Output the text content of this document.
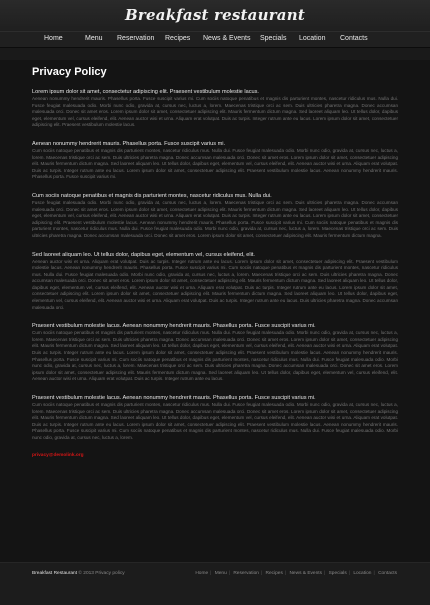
Breakfast restaurant
Home	Menu Reservation Recipes News & Events Specials Location Contacts
Privacy Policy
Lorem ipsum dolor sit amet, consectetur adipiscing elit. Praesent vestibulum molestie lacus.
Aenean nonummy hendrerit mauris. Phasellus porta. Fusce suscipit varius mi. Cum sociis natoque penatibus et magnis dis parturient montes, nascetur ridiculus mus. Nulla dui. Fusce feugiat malesuada odio. Morbi nunc odio, gravida at, cursus nec, luctus a, lorem. Maecenas tristique orci ac sem. Duis ultricies pharetra magna. Donec accumsan malesuada orci. Donec sit amet eros. Lorem ipsum dolor sit amet, consectetuer adipiscing elit. Mauris fermentum dictum magna. Sed laoreet aliquam leo. Ut tellus dolor, dapibus eget, elementum vel, cursus eleifend, elit. Aenean auctor wisi et urna. Aliquam erat volutpat. Duis ac turpis. Integer rutrum ante eu lacus. Lorem ipsum dolor sit amet, consectetuer adipiscing elit. Praesent vestibulum molestie lacus.
Aenean nonummy hendrerit mauris. Phasellus porta. Fusce suscipit varius mi.
Cum sociis natoque penatibus et magnis dis parturient montes, nascetur ridiculus mus. Nulla dui. Fusce feugiat malesuada odio. Morbi nunc odio, gravida at, cursus nec, luctus a, lorem. Maecenas tristique orci ac sem. Duis ultricies pharetra magna. Donec accumsan malesuada orci. Donec sit amet eros. Lorem ipsum dolor sit amet, consectetuer adipiscing elit. Mauris fermentum dictum magna. Sed laoreet aliquam leo. Ut tellus dolor, dapibus eget, elementum vel, cursus eleifend, elit. Aenean auctor wisi et urna. Aliquam erat volutpat. Duis ac turpis. Integer rutrum ante eu lacus. Lorem ipsum dolor sit amet, consectetuer adipiscing elit. Praesent vestibulum molestie lacus. Aenean nonummy hendrerit mauris. Phasellus porta. Fusce suscipit varius mi.
Cum sociis natoque penatibus et magnis dis parturient montes, nascetur ridiculus mus. Nulla dui.
Fusce feugiat malesuada odio. Morbi nunc odio, gravida at, cursus nec, luctus a, lorem. Maecenas tristique orci ac sem. Duis ultricies pharetra magna. Donec accumsan malesuada orci. Donec sit amet eros. Lorem ipsum dolor sit amet, consectetuer adipiscing elit. Mauris fermentum dictum magna. Sed laoreet aliquam leo. Ut tellus dolor, dapibus eget, elementum vel, cursus eleifend, elit. Aenean auctor wisi et urna. Aliquam erat volutpat. Duis ac turpis. Integer rutrum ante eu lacus. Lorem ipsum dolor sit amet, consectetuer adipiscing elit. Praesent vestibulum molestie lacus. Aenean nonummy hendrerit mauris. Phasellus porta. Fusce suscipit varius mi. Cum sociis natoque penatibus et magnis dis parturient montes, nascetur ridiculus mus. Nulla dui. Fusce feugiat malesuada odio. Morbi nunc odio, gravida at, cursus nec, luctus a, lorem. Maecenas tristique orci ac sem. Duis ultricies pharetra magna. Donec accumsan malesuada orci. Donec sit amet eros. Lorem ipsum dolor sit amet, consectetuer adipiscing elit. Mauris fermentum dictum magna.
Sed laoreet aliquam leo. Ut tellus dolor, dapibus eget, elementum vel, cursus eleifend, elit.
Aenean auctor wisi et urna. Aliquam erat volutpat. Duis ac turpis. Integer rutrum ante eu lacus. Lorem ipsum dolor sit amet, consectetuer adipiscing elit. Praesent vestibulum molestie lacus. Aenean nonummy hendrerit mauris. Phasellus porta. Fusce suscipit varius mi. Cum sociis natoque penatibus et magnis dis parturient montes, nascetur ridiculus mus. Nulla dui. Fusce feugiat malesuada odio. Morbi nunc odio, gravida at, cursus nec, luctus a, lorem. Maecenas tristique orci ac sem. Duis ultricies pharetra magna. Donec accumsan malesuada orci. Donec sit amet eros. Lorem ipsum dolor sit amet, consectetuer adipiscing elit. Mauris fermentum dictum magna. Sed laoreet aliquam leo. Ut tellus dolor, dapibus eget, elementum vel, cursus eleifend, elit. Aenean auctor wisi et urna. Aliquam erat volutpat. Duis ac turpis. Integer rutrum ante eu lacus. Lorem ipsum dolor sit amet, consectetuer adipiscing elit. Lorem ipsum dolor sit amet, consectetuer adipiscing elit. Mauris fermentum dictum magna. Sed laoreet aliquam leo. Ut tellus dolor, dapibus eget, elementum vel, cursus eleifend, elit. Aenean auctor wisi et urna. Aliquam erat volutpat. Duis ac turpis. Integer rutrum ante eu lacus. Duis ultricies pharetra magna. Donec accumsan malesuada orci.
Praesent vestibulum molestie lacus. Aenean nonummy hendrerit mauris. Phasellus porta. Fusce suscipit varius mi.
Cum sociis natoque penatibus et magnis dis parturient montes, nascetur ridiculus mus. Nulla dui. Fusce feugiat malesuada odio. Morbi nunc odio, gravida at, cursus nec, luctus a, lorem. Maecenas tristique orci ac sem. Duis ultricies pharetra magna. Donec accumsan malesuada orci. Donec sit amet eros. Lorem ipsum dolor sit amet, consectetuer adipiscing elit. Mauris fermentum dictum magna. Sed laoreet aliquam leo. Ut tellus dolor, dapibus eget, elementum vel, cursus eleifend, elit. Aenean auctor wisi et urna. Aliquam erat volutpat. Duis ac turpis. Integer rutrum ante eu lacus. Lorem ipsum dolor sit amet, consectetuer adipiscing elit. Praesent vestibulum molestie lacus. Aenean nonummy hendrerit mauris. Phasellus porta. Fusce suscipit varius mi. Cum sociis natoque penatibus et magnis dis parturient montes, nascetur ridiculus mus. Nulla dui. Fusce feugiat malesuada odio. Morbi nunc odio, gravida at, cursus nec, luctus a, lorem. Maecenas tristique orci ac sem. Duis ultricies pharetra magna. Donec accumsan malesuada orci. Donec sit amet eros. Lorem ipsum dolor sit amet, consectetuer adipiscing elit. Mauris fermentum dictum magna. Sed laoreet aliquam leo. Ut tellus dolor, dapibus eget, elementum vel, cursus eleifend, elit. Aenean auctor wisi et urna. Aliquam erat volutpat. Duis ac turpis. Integer rutrum ante eu lacus.
Praesent vestibulum molestie lacus. Aenean nonummy hendrerit mauris. Phasellus porta. Fusce suscipit varius mi.
Cum sociis natoque penatibus et magnis dis parturient montes, nascetur ridiculus mus. Nulla dui. Fusce feugiat malesuada odio. Morbi nunc odio, gravida at, cursus nec, luctus a, lorem. Maecenas tristique orci ac sem. Duis ultricies pharetra magna. Donec accumsan malesuada orci. Donec sit amet eros. Lorem ipsum dolor sit amet, consectetuer adipiscing elit. Mauris fermentum dictum magna. Sed laoreet aliquam leo. Ut tellus dolor, dapibus eget, elementum vel, cursus eleifend, elit. Aenean auctor wisi et urna. Aliquam erat volutpat. Duis ac turpis. Integer rutrum ante eu lacus. Lorem ipsum dolor sit amet, consectetuer adipiscing elit. Praesent vestibulum molestie lacus. Aenean nonummy hendrerit mauris. Phasellus porta. Fusce suscipit varius mi. Cum sociis natoque penatibus et magnis dis parturient montes, nascetur ridiculus mus. Nulla dui. Fusce feugiat malesuada odio. Morbi nunc odio, gravida at, cursus nec, luctus a, lorem.
privacy@demolink.org
Breakfast Restaurant © 2013 Privacy policy	Home | Menu | Reservation | Recipes | News & Events | Specials | Location | Contacts
